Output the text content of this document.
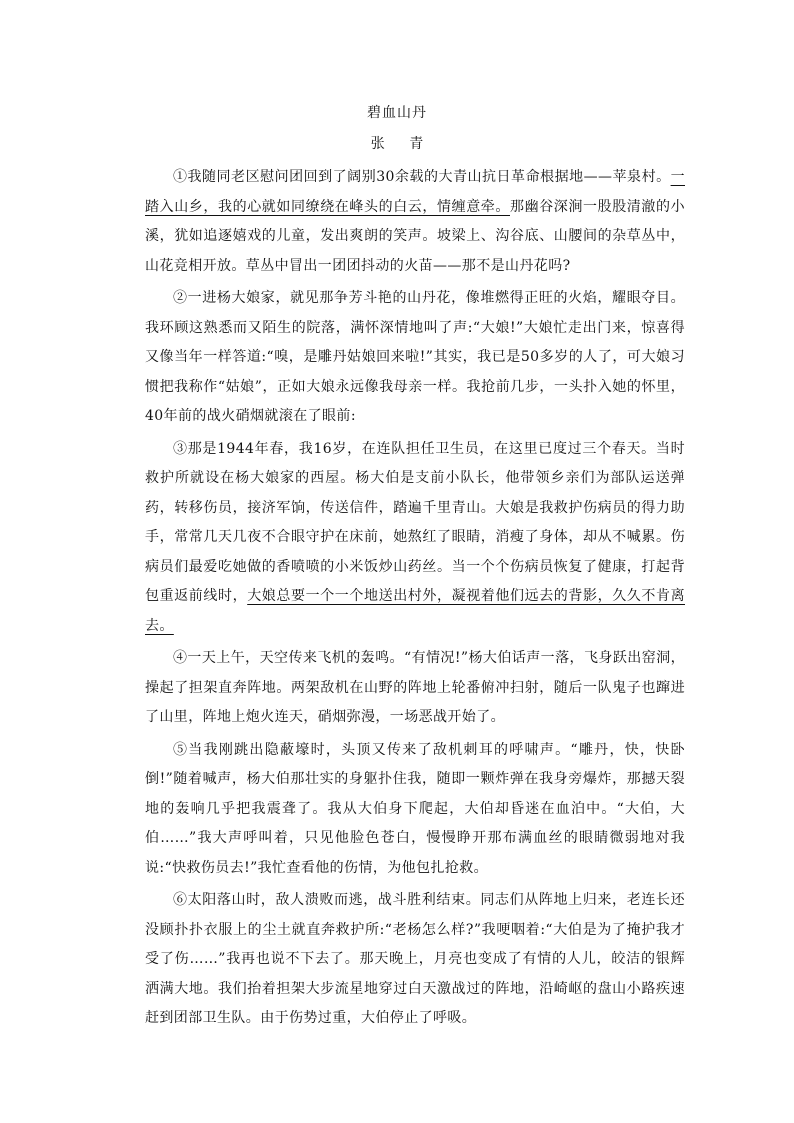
碧血山丹
张 青

①我随同老区慰问团回到了阔别30余载的大青山抗日革命根据地——苹泉村。一踏入山乡，我的心就如同缭绕在峰头的白云，情缠意牵。那幽谷深涧一股股清澈的小溪，犹如追逐嬉戏的儿童，发出爽朗的笑声。坡梁上、沟谷底、山腰间的杂草丛中，山花竞相开放。草丛中冒出一团团抖动的火苗——那不是山丹花吗?

②一进杨大娘家，就见那争芳斗艳的山丹花，像堆燃得正旺的火焰，耀眼夺目。我环顾这熟悉而又陌生的院落，满怀深情地叫了声:“大娘!”大娘忙走出门来，惊喜得又像当年一样答道:“嗅，是雕丹姑娘回来啦!”其实，我已是50多岁的人了，可大娘习惯把我称作“姑娘”，正如大娘永远像我母亲一样。我抢前几步，一头扑入她的怀里，40年前的战火硝烟就滚在了眼前:

③那是1944年春，我16岁，在连队担任卫生员，在这里已度过三个春天。当时救护所就设在杨大娘家的西屋。杨大伯是支前小队长，他带领乡亲们为部队运送弹药，转移伤员，接济军饷，传送信件，踏遍千里青山。大娘是我救护伤病员的得力助手，常常几天几夜不合眼守护在床前，她熬红了眼睛，消瘦了身体，却从不喊累。伤病员们最爱吃她做的香喷喷的小米饭炒山药丝。当一个个伤病员恢复了健康，打起背包重返前线时，大娘总要一个一个地送出村外，凝视着他们远去的背影，久久不肯离去。

④一天上午，天空传来飞机的轰鸣。“有情况!”杨大伯话声一落，飞身跃出窑洞，操起了担架直奔阵地。两架敌机在山野的阵地上轮番俯冲扫射，随后一队鬼子也蹿进了山里，阵地上炮火连天，硝烟弥漫，一场恶战开始了。

⑤当我刚跳出隐蔽壕时，头顶又传来了敌机刺耳的呼啸声。“雕丹，快，快卧倒!”随着喊声，杨大伯那壮实的身躯扑住我，随即一颗炸弹在我身旁爆炸，那撼天裂地的轰响几乎把我震聋了。我从大伯身下爬起，大伯却昏迷在血泊中。“大伯，大伯……”我大声呼叫着，只见他脸色苍白，慢慢睁开那布满血丝的眼睛微弱地对我说:“快救伤员去!”我忙查看他的伤情，为他包扎抢救。

⑥太阳落山时，敌人溃败而逃，战斗胜利结束。同志们从阵地上归来，老连长还没顾扑扑衣服上的尘土就直奔救护所:“老杨怎么样?”我哽咽着:“大伯是为了掩护我才受了伤……”我再也说不下去了。那天晚上，月亮也变成了有情的人儿，皎洁的银辉洒满大地。我们抬着担架大步流星地穿过白天激战过的阵地，沿崎岖的盘山小路疾速赶到团部卫生队。由于伤势过重，大伯停止了呼吸。
